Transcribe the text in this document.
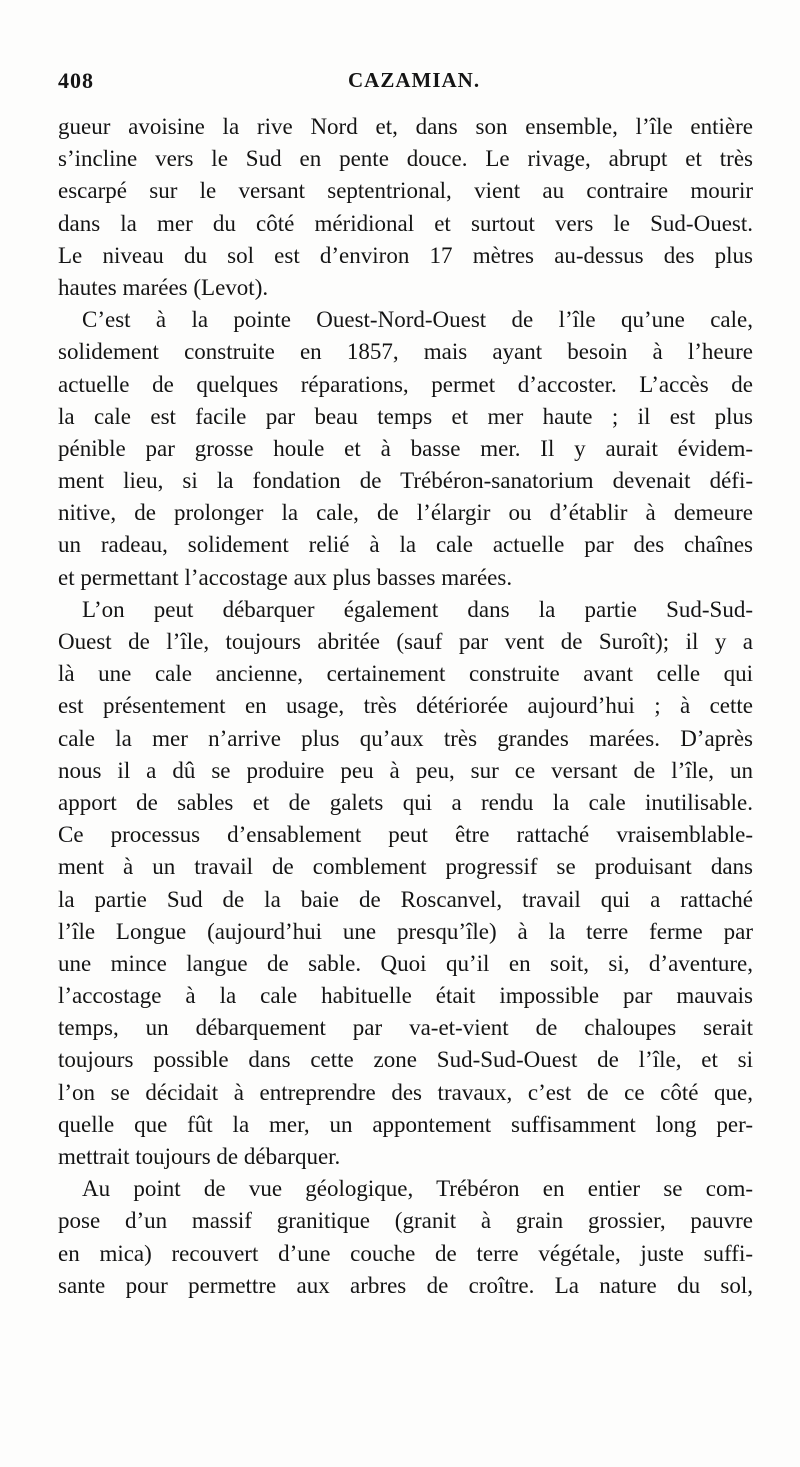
408	CAZAMIAN.
gueur avoisine la rive Nord et, dans son ensemble, l’île entière
s’incline vers le Sud en pente douce. Le rivage, abrupt et très
escarpé sur le versant septentrional, vient au contraire mourir
dans la mer du côté méridional et surtout vers le Sud-Ouest.
Le niveau du sol est d’environ 17 mètres au-dessus des plus
hautes marées (Levot).
C’est à la pointe Ouest-Nord-Ouest de l’île qu’une cale,
solidement construite en 1857, mais ayant besoin à l’heure
actuelle de quelques réparations, permet d’accoster. L’accès de
la cale est facile par beau temps et mer haute ; il est plus
pénible par grosse houle et à basse mer. Il y aurait évidem-
ment lieu, si la fondation de Trébéron-sanatorium devenait défi-
nitive, de prolonger la cale, de l’élargir ou d’établir à demeure
un radeau, solidement relié à la cale actuelle par des chaînes
et permettant l’accostage aux plus basses marées.
L’on peut débarquer également dans la partie Sud-Sud-
Ouest de l’île, toujours abritée (sauf par vent de Suroît); il y a
là une cale ancienne, certainement construite avant celle qui
est présentement en usage, très détériorée aujourd’hui ; à cette
cale la mer n’arrive plus qu’aux très grandes marées. D’après
nous il a dû se produire peu à peu, sur ce versant de l’île, un
apport de sables et de galets qui a rendu la cale inutilisable.
Ce processus d’ensablement peut être rattaché vraisemblable-
ment à un travail de comblement progressif se produisant dans
la partie Sud de la baie de Roscanvel, travail qui a rattaché
l’île Longue (aujourd’hui une presqu’île) à la terre ferme par
une mince langue de sable. Quoi qu’il en soit, si, d’aventure,
l’accostage à la cale habituelle était impossible par mauvais
temps, un débarquement par va-et-vient de chaloupes serait
toujours possible dans cette zone Sud-Sud-Ouest de l’île, et si
l’on se décidait à entreprendre des travaux, c’est de ce côté que,
quelle que fût la mer, un appontement suffisamment long per-
mettrait toujours de débarquer.
Au point de vue géologique, Trébéron en entier se com-
pose d’un massif granitique (granit à grain grossier, pauvre
en mica) recouvert d’une couche de terre végétale, juste suffi-
sante pour permettre aux arbres de croître. La nature du sol,
